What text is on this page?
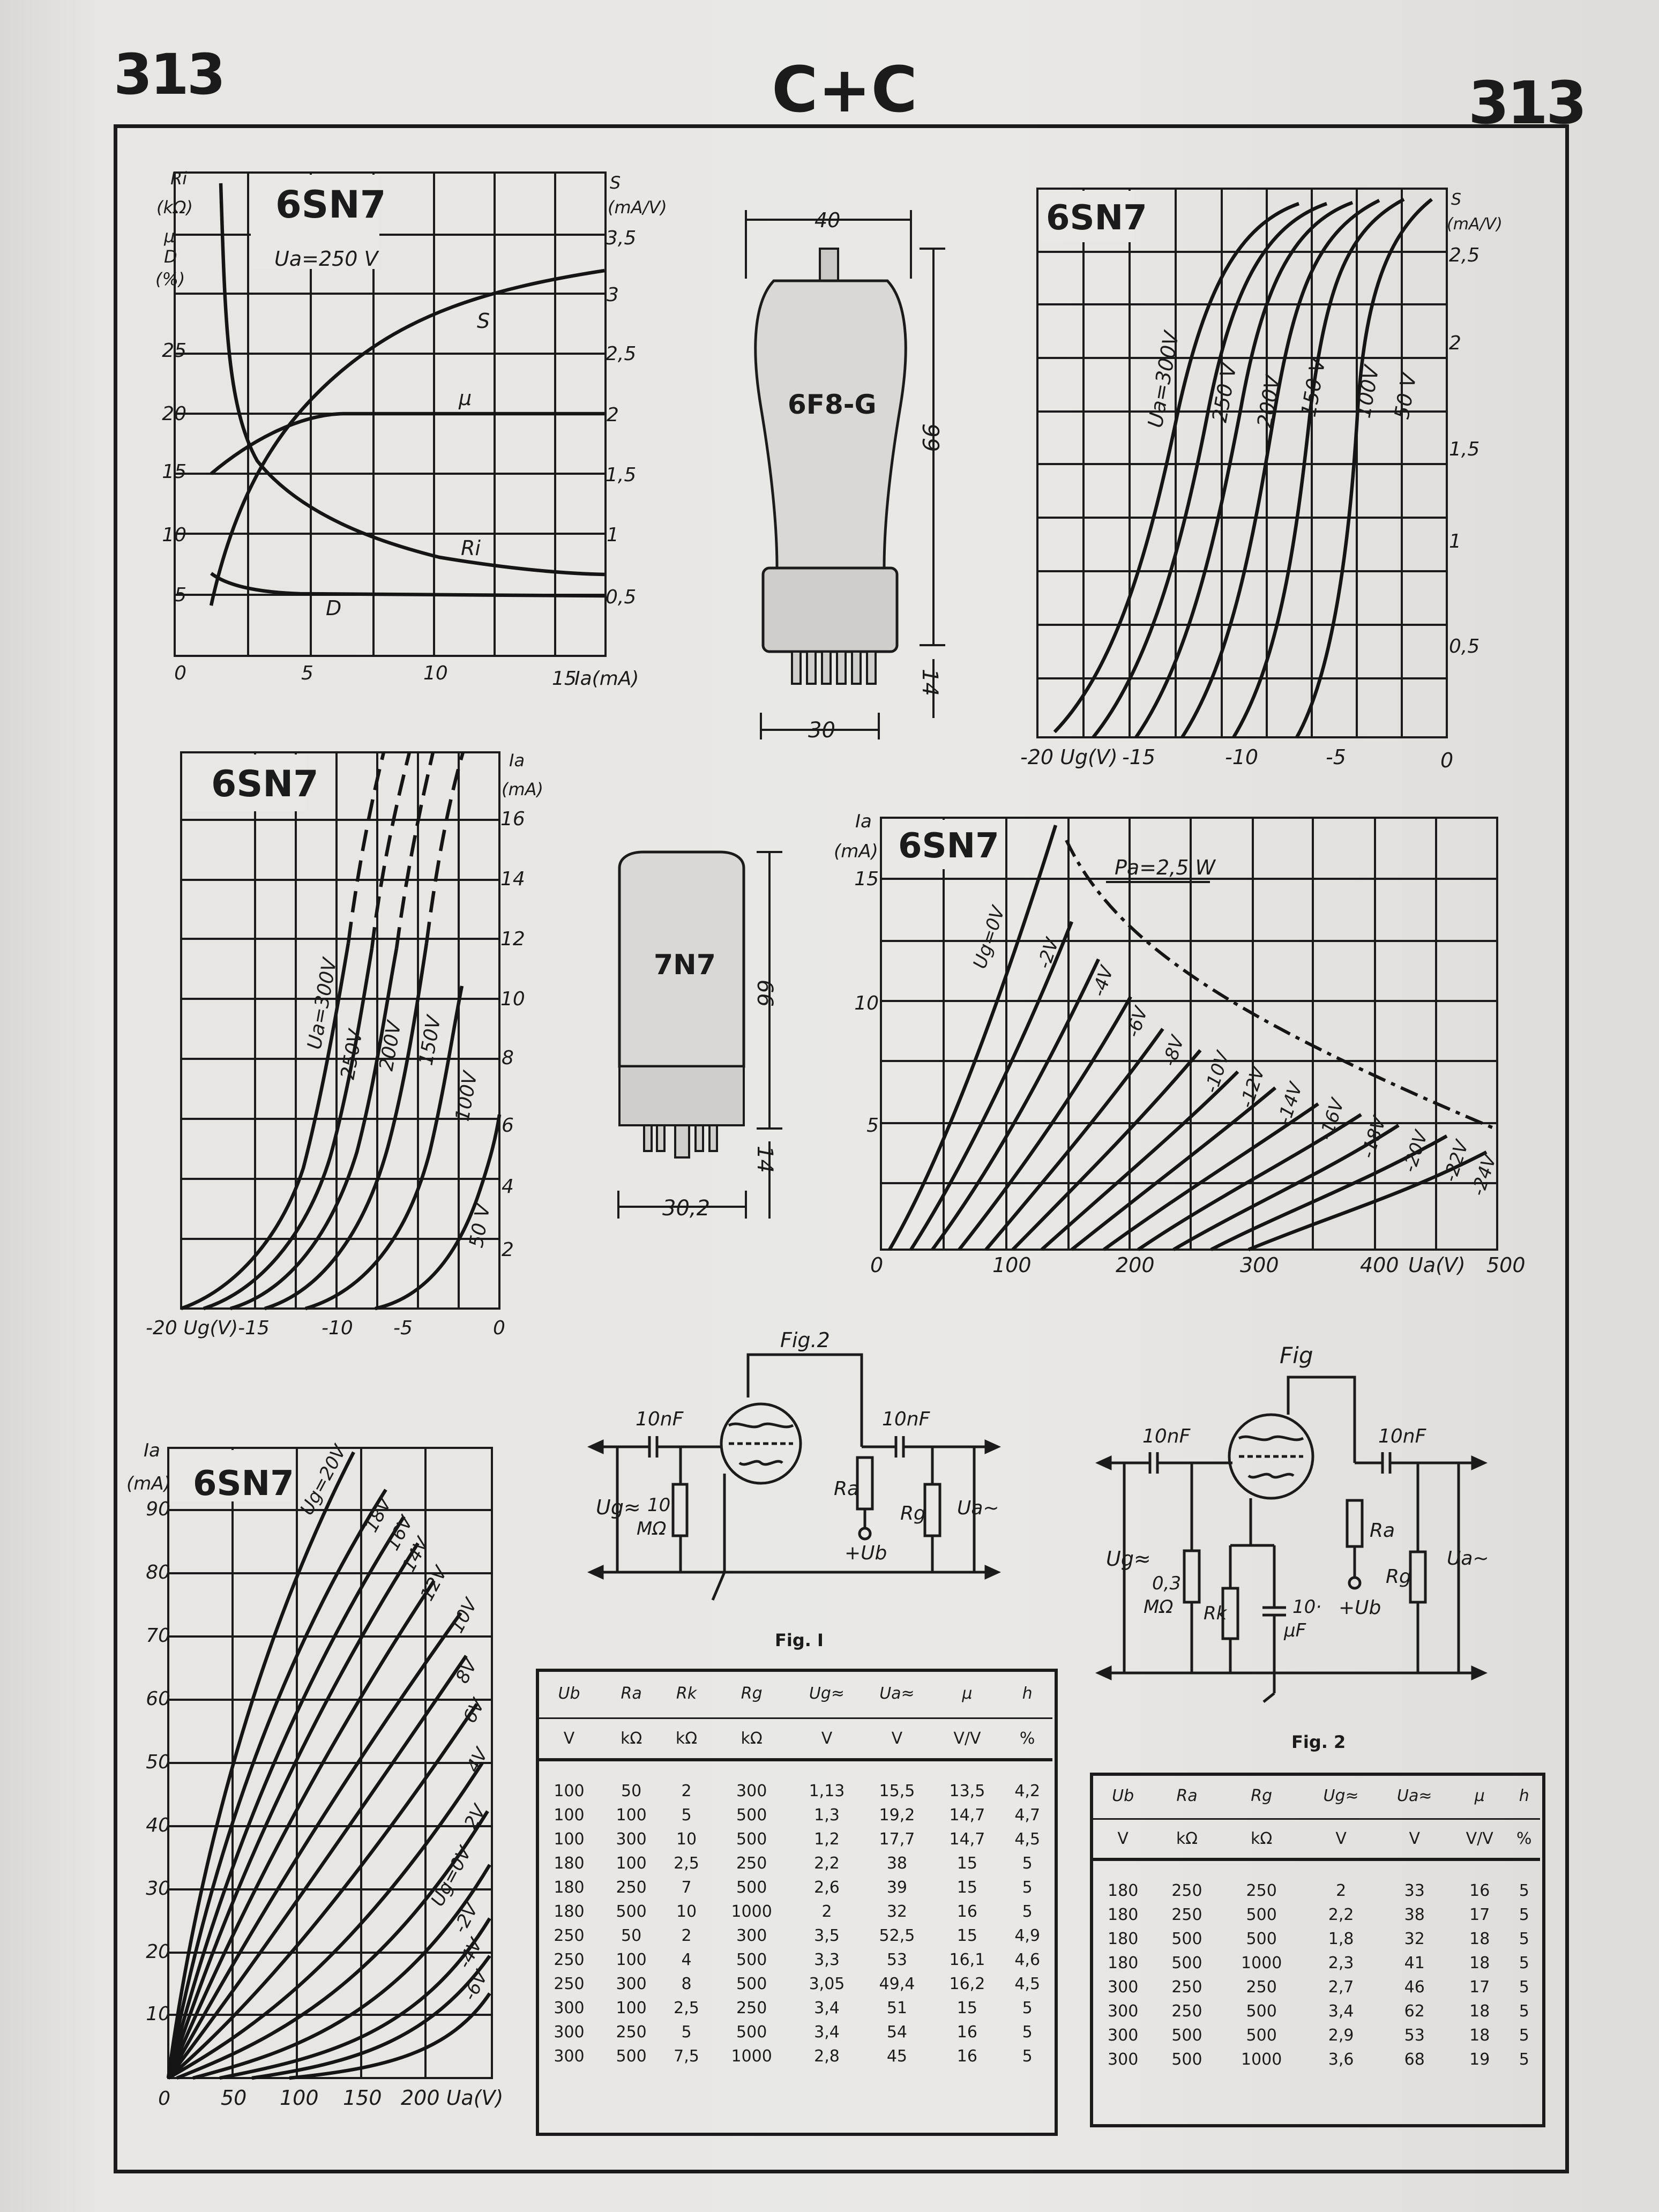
313	C+C	313
6SN7
Ua=250 V
Ri
(kΩ)
μ
D
(%)
S
(mA/V)
25
20
15
10
5
0
3,5
3
2,5
2
1,5
1
0,5
5	10	15
Ia(mA)
S
μ
Ri
D
40
6F8-G
99
14
30
6SN7	S
(mA/V)
2,5
2
1,5
1
0,5
-20 Ug(V) -15	-10	-5	0
Ua=300V 250 V 200V 150 V 100V 50 V
6SN7
Ia
(mA)
16
14
12
10
8
6
4
2
-20 Ug(V)-15	-10 -5	0
Ua=300V
250V 200V 150V
100V
50 V
7N7
66
14
30,2
6SN7
Ia
(mA)
15
10
5
0	100	200	300	400 Ua(V) 500
Pa=2,5 W
Ug=0V -2V
-4V
-6V
-8V -10V -12V -14V -16V -18V -20V -22V
-24V
6SN7
Ia
(mA)
90
80
70
60
50
40
30
20
10
0 50 100 150 200 Ua(V)
Ug=20V 18V
16V
14V
12V
10V
8V
6V
4V
2V
Ug=0V
-2V
-4V
-6V
Fig.2
10nF	10nF
10
MΩ
Ug≈
Ra
Rg Ua~
+Ub
Fig. I
Fig
10nF	10nF
0,3
MΩ Rk	10·
μF
Ug≈
Ra
Rg
Ua~
+Ub
Fig. 2
Ub	Ra	Rk	Rg	Ug≈	Ua≈	μ	h
V	kΩ	kΩ	kΩ	V	V	V/V	%

100	50	2	300	1,13	15,5	13,5	4,2
100	100	5	500	1,3	19,2	14,7	4,7
100	300	10	500	1,2	17,7	14,7	4,5
180	100	2,5	250	2,2	38	15	5
180	250	7	500	2,6	39	15	5
180	500	10	1000	2	32	16	5
250	50	2	300	3,5	52,5	15	4,9
250	100	4	500	3,3	53	16,1	4,6
250	300	8	500	3,05	49,4	16,2	4,5
300	100	2,5	250	3,4	51	15	5
300	250	5	500	3,4	54	16	5
300	500	7,5	1000	2,8	45	16	5
Ub	Ra	Rg	Ug≈	Ua≈	μ	h
V	kΩ	kΩ	V	V	V/V	%

180	250	250	2	33	16	5
180	250	500	2,2	38	17	5
180	500	500	1,8	32	18	5
180	500	1000	2,3	41	18	5
300	250	250	2,7	46	17	5
300	250	500	3,4	62	18	5
300	500	500	2,9	53	18	5
300	500	1000	3,6	68	19	5
